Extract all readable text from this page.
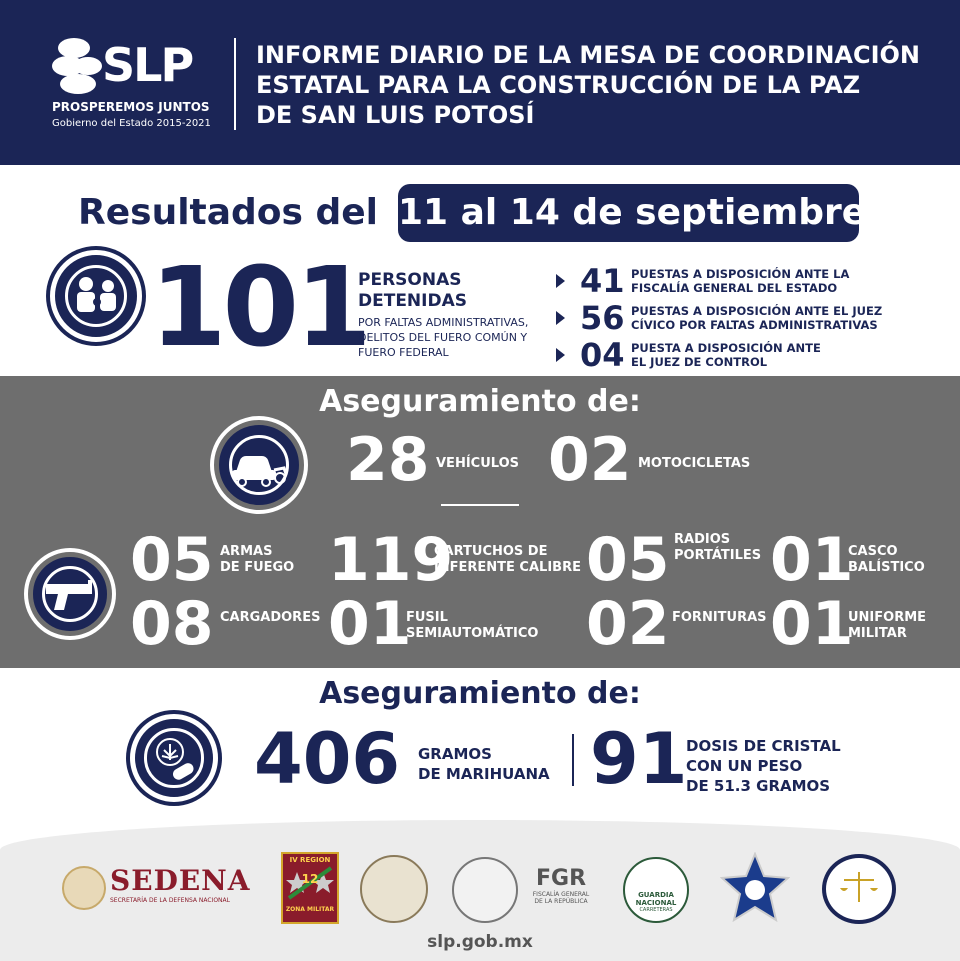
SLP
PROSPEREMOS JUNTOS
Gobierno del Estado 2015-2021
INFORME DIARIO DE LA MESA DE COORDINACIÓN
ESTATAL PARA LA CONSTRUCCIÓN DE LA PAZ
DE SAN LUIS POTOSÍ
Resultados del 11 al 14 de septiembre
101
PERSONAS
DETENIDAS
POR FALTAS ADMINISTRATIVAS,
DELITOS DEL FUERO COMÚN Y
FUERO FEDERAL
41 PUESTAS A DISPOSICIÓN ANTE LA
FISCALÍA GENERAL DEL ESTADO
56 PUESTAS A DISPOSICIÓN ANTE EL JUEZ
CÍVICO POR FALTAS ADMINISTRATIVAS
04 PUESTA A DISPOSICIÓN ANTE
EL JUEZ DE CONTROL
Aseguramiento de:
28 VEHÍCULOS 02 MOTOCICLETAS
05 ARMAS
DE FUEGO 119
CARTUCHOS DE
DIFERENTE CALIBRE 05 RADIOS
PORTÁTILES 01
CASCO
BALÍSTICO
08 CARGADORES 01
FUSIL
SEMIAUTOMÁTICO 02 FORNITURAS 01
UNIFORME
MILITAR
Aseguramiento de:
406 GRAMOS
DE MARIHUANA 91
DOSIS DE CRISTAL
CON UN PESO
DE 51.3 GRAMOS
SEDENA
SECRETARÍA DE LA DEFENSA NACIONAL
IV REGION
12
ZONA MILITAR
FGR
FISCALÍA GENERAL
DE LA REPÚBLICA
GUARDIA
NACIONAL
CARRETERAS
slp.gob.mx
